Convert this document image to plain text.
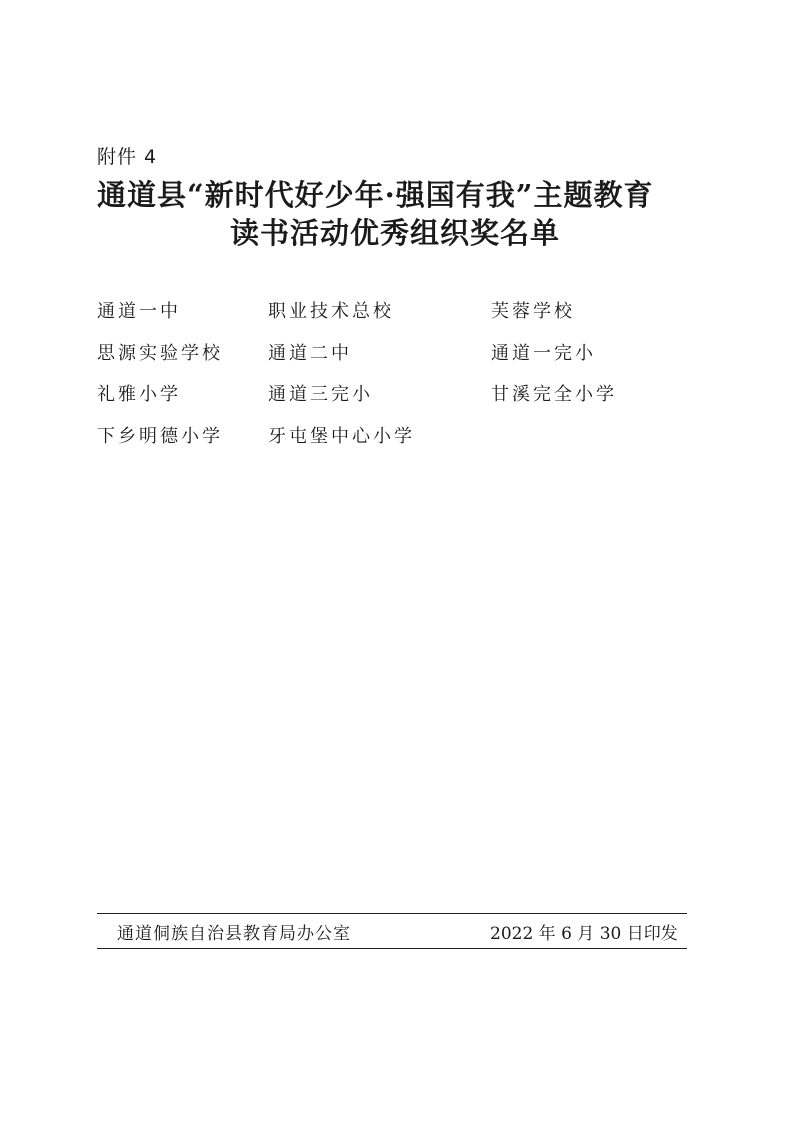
附件 4
通道县“新时代好少年·强国有我”主题教育
读书活动优秀组织奖名单
通道一中	职业技术总校	芙蓉学校
思源实验学校	通道二中	通道一完小
礼雅小学	通道三完小	甘溪完全小学
下乡明德小学	牙屯堡中心小学
通道侗族自治县教育局办公室	2022 年 6 月 30 日印发
